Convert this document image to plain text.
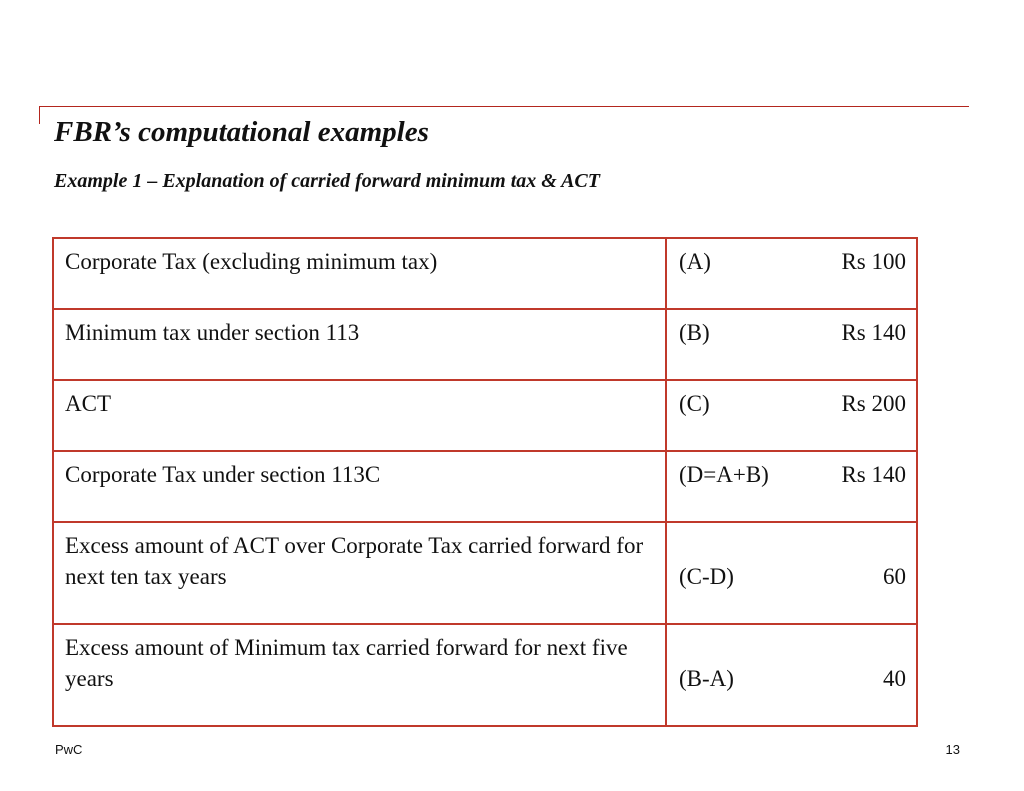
FBR’s computational examples
Example 1 – Explanation of carried forward minimum tax & ACT
Corporate Tax (excluding minimum tax)	(A) Rs 100

Minimum tax under section 113	(B) Rs 140

ACT	(C) Rs 200

Corporate Tax under section 113C	(D=A+B) Rs 140

Excess amount of ACT over Corporate Tax carried forward for next ten tax years	(C-D) 60

Excess amount of Minimum tax carried forward for next five years	(B-A) 40
PwC	13
